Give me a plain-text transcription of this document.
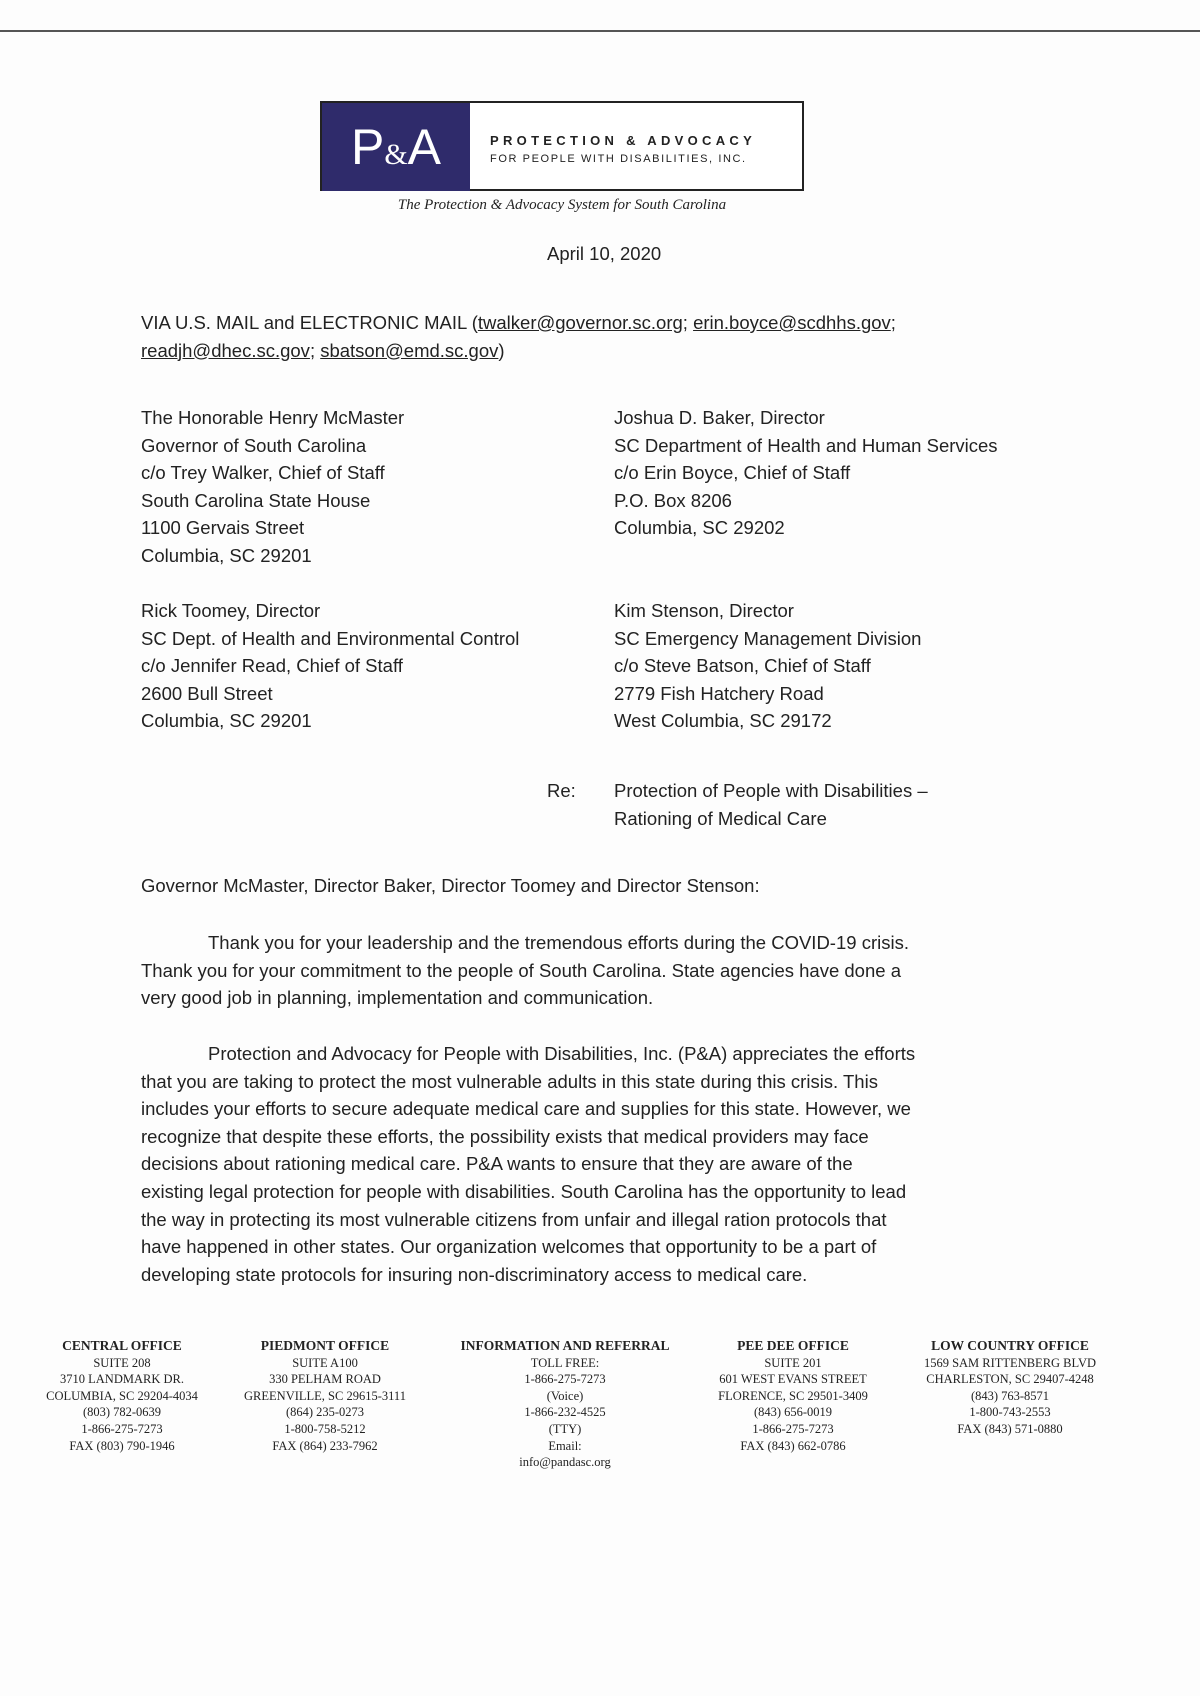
P&A	PROTECTION & ADVOCACY
FOR PEOPLE WITH DISABILITIES, INC.
The Protection & Advocacy System for South Carolina
April 10, 2020
VIA U.S. MAIL and ELECTRONIC MAIL (twalker@governor.sc.org; erin.boyce@scdhhs.gov;
readjh@dhec.sc.gov; sbatson@emd.sc.gov)
The Honorable Henry McMaster
Governor of South Carolina
c/o Trey Walker, Chief of Staff
South Carolina State House
1100 Gervais Street
Columbia, SC 29201
Joshua D. Baker, Director
SC Department of Health and Human Services
c/o Erin Boyce, Chief of Staff
P.O. Box 8206
Columbia, SC 29202
Rick Toomey, Director
SC Dept. of Health and Environmental Control
c/o Jennifer Read, Chief of Staff
2600 Bull Street
Columbia, SC 29201
Kim Stenson, Director
SC Emergency Management Division
c/o Steve Batson, Chief of Staff
2779 Fish Hatchery Road
West Columbia, SC 29172
Re: Protection of People with Disabilities –
Rationing of Medical Care
Governor McMaster, Director Baker, Director Toomey and Director Stenson:
Thank you for your leadership and the tremendous efforts during the COVID-19 crisis.
Thank you for your commitment to the people of South Carolina. State agencies have done a
very good job in planning, implementation and communication.
Protection and Advocacy for People with Disabilities, Inc. (P&A) appreciates the efforts
that you are taking to protect the most vulnerable adults in this state during this crisis. This
includes your efforts to secure adequate medical care and supplies for this state. However, we
recognize that despite these efforts, the possibility exists that medical providers may face
decisions about rationing medical care. P&A wants to ensure that they are aware of the
existing legal protection for people with disabilities. South Carolina has the opportunity to lead
the way in protecting its most vulnerable citizens from unfair and illegal ration protocols that
have happened in other states. Our organization welcomes that opportunity to be a part of
developing state protocols for insuring non-discriminatory access to medical care.
CENTRAL OFFICE
SUITE 208
3710 LANDMARK DR.
COLUMBIA, SC 29204-4034
(803) 782-0639
1-866-275-7273
FAX (803) 790-1946
PIEDMONT OFFICE
SUITE A100
330 PELHAM ROAD
GREENVILLE, SC 29615-3111
(864) 235-0273
1-800-758-5212
FAX (864) 233-7962
INFORMATION AND REFERRAL
TOLL FREE:
1-866-275-7273
(Voice)
1-866-232-4525
(TTY)
Email:
info@pandasc.org
PEE DEE OFFICE
SUITE 201
601 WEST EVANS STREET
FLORENCE, SC 29501-3409
(843) 656-0019
1-866-275-7273
FAX (843) 662-0786
LOW COUNTRY OFFICE
1569 SAM RITTENBERG BLVD
CHARLESTON, SC 29407-4248
(843) 763-8571
1-800-743-2553
FAX (843) 571-0880
